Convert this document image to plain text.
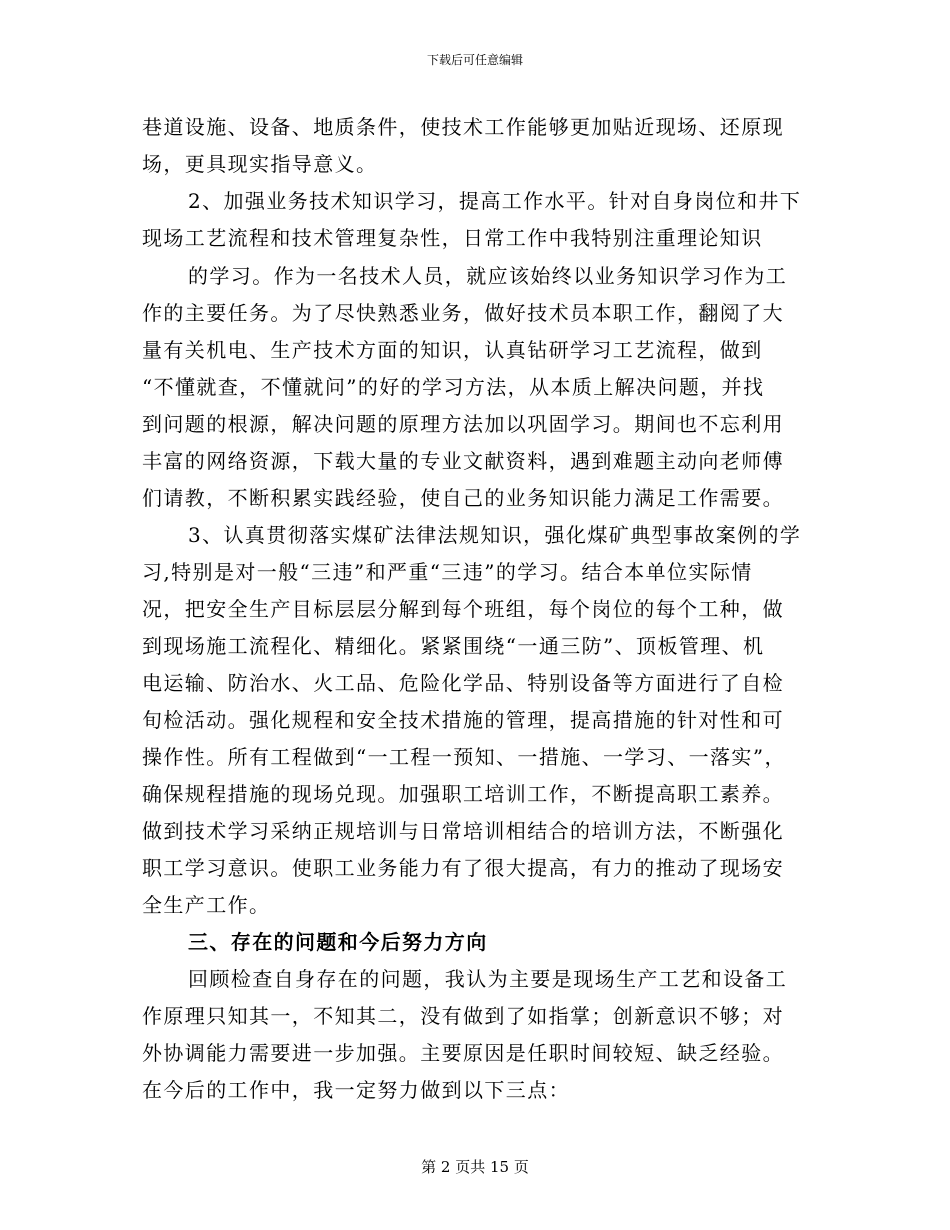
下载后可任意编辑
巷道设施、设备、地质条件，使技术工作能够更加贴近现场、还原现
场，更具现实指导意义。
2、加强业务技术知识学习，提高工作水平。针对自身岗位和井下
现场工艺流程和技术管理复杂性，日常工作中我特别注重理论知识
的学习。作为一名技术人员，就应该始终以业务知识学习作为工
作的主要任务。为了尽快熟悉业务，做好技术员本职工作，翻阅了大
量有关机电、生产技术方面的知识，认真钻研学习工艺流程，做到
“不懂就查，不懂就问”的好的学习方法，从本质上解决问题，并找
到问题的根源，解决问题的原理方法加以巩固学习。期间也不忘利用
丰富的网络资源，下载大量的专业文献资料，遇到难题主动向老师傅
们请教，不断积累实践经验，使自己的业务知识能力满足工作需要。
3、认真贯彻落实煤矿法律法规知识，强化煤矿典型事故案例的学
习,特别是对一般“三违”和严重“三违”的学习。结合本单位实际情
况，把安全生产目标层层分解到每个班组，每个岗位的每个工种，做
到现场施工流程化、精细化。紧紧围绕“一通三防”、顶板管理、机
电运输、防治水、火工品、危险化学品、特别设备等方面进行了自检
旬检活动。强化规程和安全技术措施的管理，提高措施的针对性和可
操作性。所有工程做到“一工程一预知、一措施、一学习、一落实”，
确保规程措施的现场兑现。加强职工培训工作，不断提高职工素养。
做到技术学习采纳正规培训与日常培训相结合的培训方法，不断强化
职工学习意识。使职工业务能力有了很大提高，有力的推动了现场安
全生产工作。
三、存在的问题和今后努力方向
回顾检查自身存在的问题，我认为主要是现场生产工艺和设备工
作原理只知其一，不知其二，没有做到了如指掌；创新意识不够；对
外协调能力需要进一步加强。主要原因是任职时间较短、缺乏经验。
在今后的工作中，我一定努力做到以下三点：
第 2 页共 15 页
